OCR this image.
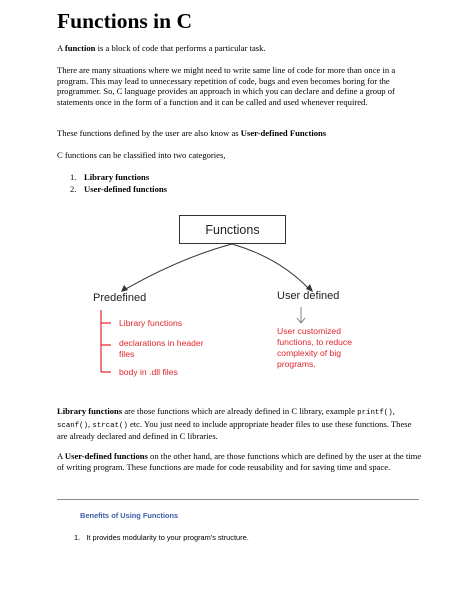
Functions in C
A function is a block of code that performs a particular task.
There are many situations where we might need to write same line of code for more than once in a program. This may lead to unnecessary repetition of code, bugs and even becomes boring for the programmer. So, C language provides an approach in which you can declare and define a group of statements once in the form of a function and it can be called and used whenever required.
These functions defined by the user are also know as User-defined Functions
C functions can be classified into two categories,
1. Library functions
2. User-defined functions
Functions
Predefined	User defined
Library functions
declarations in header files
body in .dll files
User customized functions, to reduce complexity of big programs.
Library functions are those functions which are already defined in C library, example printf(), scanf(), strcat() etc. You just need to include appropriate header files to use these functions. These are already declared and defined in C libraries.
A User-defined functions on the other hand, are those functions which are defined by the user at the time of writing program. These functions are made for code reusability and for saving time and space.
Benefits of Using Functions
1. It provides modularity to your program's structure.
